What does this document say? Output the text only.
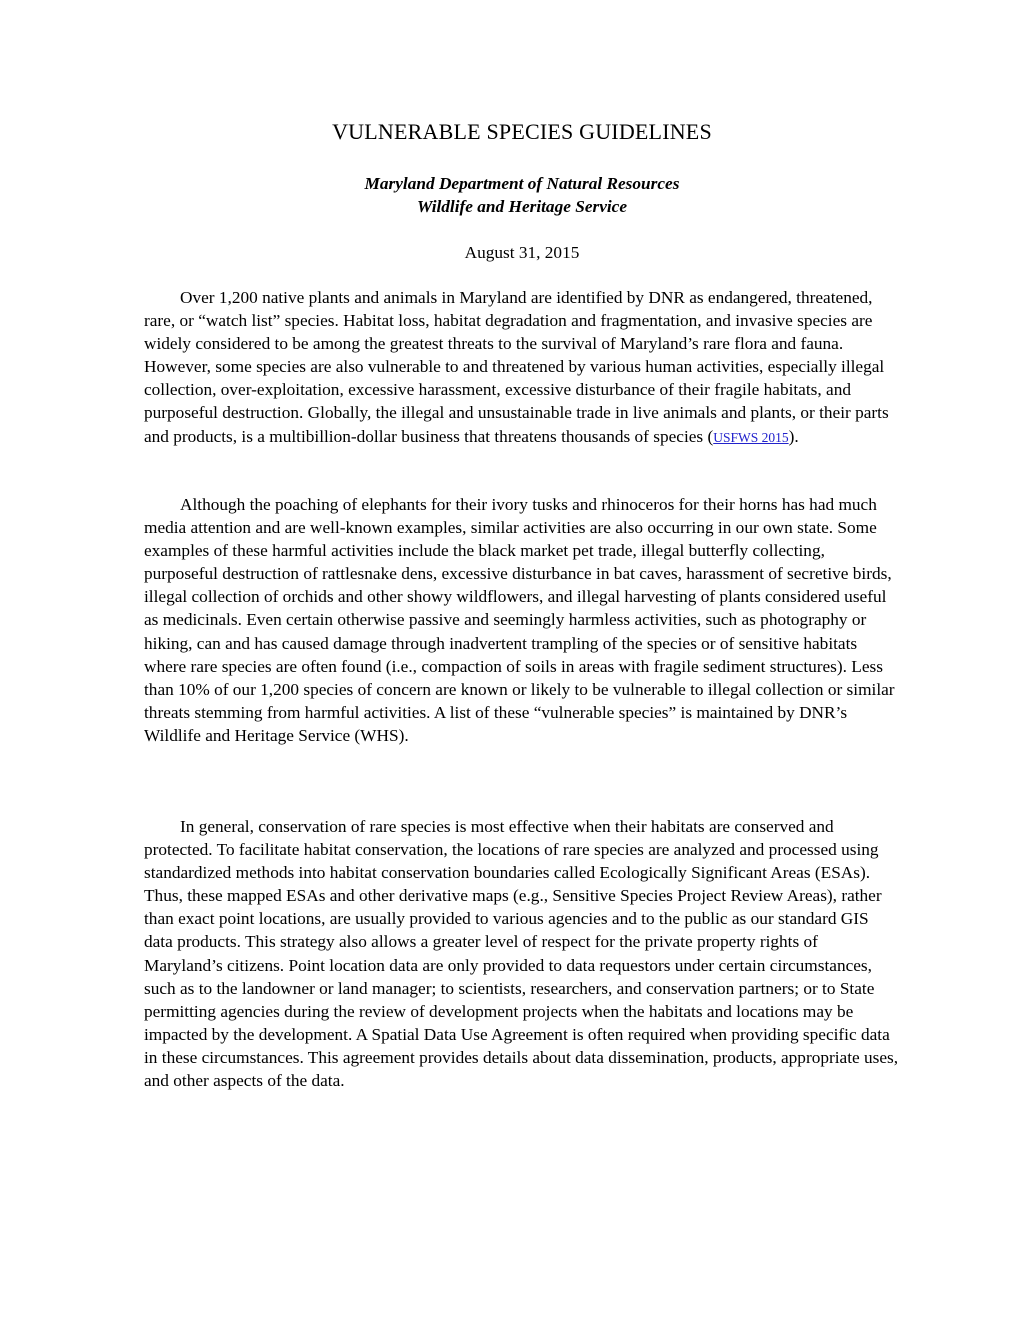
VULNERABLE SPECIES GUIDELINES
Maryland Department of Natural Resources
Wildlife and Heritage Service
August 31, 2015

Over 1,200 native plants and animals in Maryland are identified by DNR as endangered, threatened, rare, or “watch list” species. Habitat loss, habitat degradation and fragmentation, and invasive species are widely considered to be among the greatest threats to the survival of Maryland’s rare flora and fauna. However, some species are also vulnerable to and threatened by various human activities, especially illegal collection, over-exploitation, excessive harassment, excessive disturbance of their fragile habitats, and purposeful destruction. Globally, the illegal and unsustainable trade in live animals and plants, or their parts and products, is a multibillion-dollar business that threatens thousands of species (USFWS 2015).

Although the poaching of elephants for their ivory tusks and rhinoceros for their horns has had much media attention and are well-known examples, similar activities are also occurring in our own state. Some examples of these harmful activities include the black market pet trade, illegal butterfly collecting, purposeful destruction of rattlesnake dens, excessive disturbance in bat caves, harassment of secretive birds, illegal collection of orchids and other showy wildflowers, and illegal harvesting of plants considered useful as medicinals. Even certain otherwise passive and seemingly harmless activities, such as photography or hiking, can and has caused damage through inadvertent trampling of the species or of sensitive habitats where rare species are often found (i.e., compaction of soils in areas with fragile sediment structures). Less than 10% of our 1,200 species of concern are known or likely to be vulnerable to illegal collection or similar threats stemming from harmful activities. A list of these “vulnerable species” is maintained by DNR’s Wildlife and Heritage Service (WHS).

In general, conservation of rare species is most effective when their habitats are conserved and protected. To facilitate habitat conservation, the locations of rare species are analyzed and processed using standardized methods into habitat conservation boundaries called Ecologically Significant Areas (ESAs). Thus, these mapped ESAs and other derivative maps (e.g., Sensitive Species Project Review Areas), rather than exact point locations, are usually provided to various agencies and to the public as our standard GIS data products. This strategy also allows a greater level of respect for the private property rights of Maryland’s citizens. Point location data are only provided to data requestors under certain circumstances, such as to the landowner or land manager; to scientists, researchers, and conservation partners; or to State permitting agencies during the review of development projects when the habitats and locations may be impacted by the development. A Spatial Data Use Agreement is often required when providing specific data in these circumstances. This agreement provides details about data dissemination, products, appropriate uses, and other aspects of the data.
